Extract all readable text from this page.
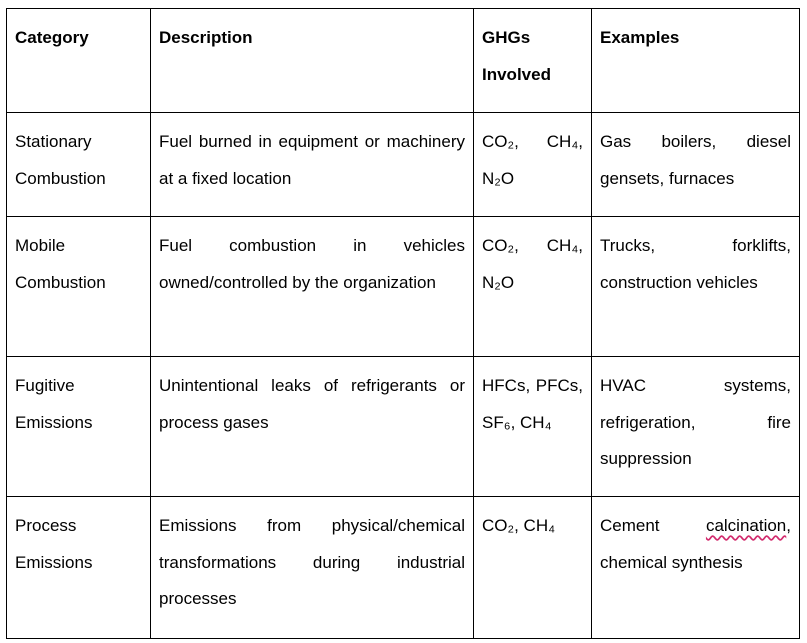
Category	Description	GHGs Involved	Examples
Stationary Combustion	Fuel burned in equipment or machinery at a fixed location	CO₂, CH₄, N₂O	Gas boilers, diesel gensets, furnaces
Mobile Combustion	Fuel combustion in vehicles owned/controlled by the organization	CO₂, CH₄, N₂O	Trucks, forklifts, construction vehicles
Fugitive Emissions	Unintentional leaks of refrigerants or process gases	HFCs, PFCs, SF₆, CH₄	HVAC systems, refrigeration, fire suppression
Process Emissions	Emissions from physical/chemical transformations during industrial processes	CO₂, CH₄	Cement calcination, chemical synthesis
